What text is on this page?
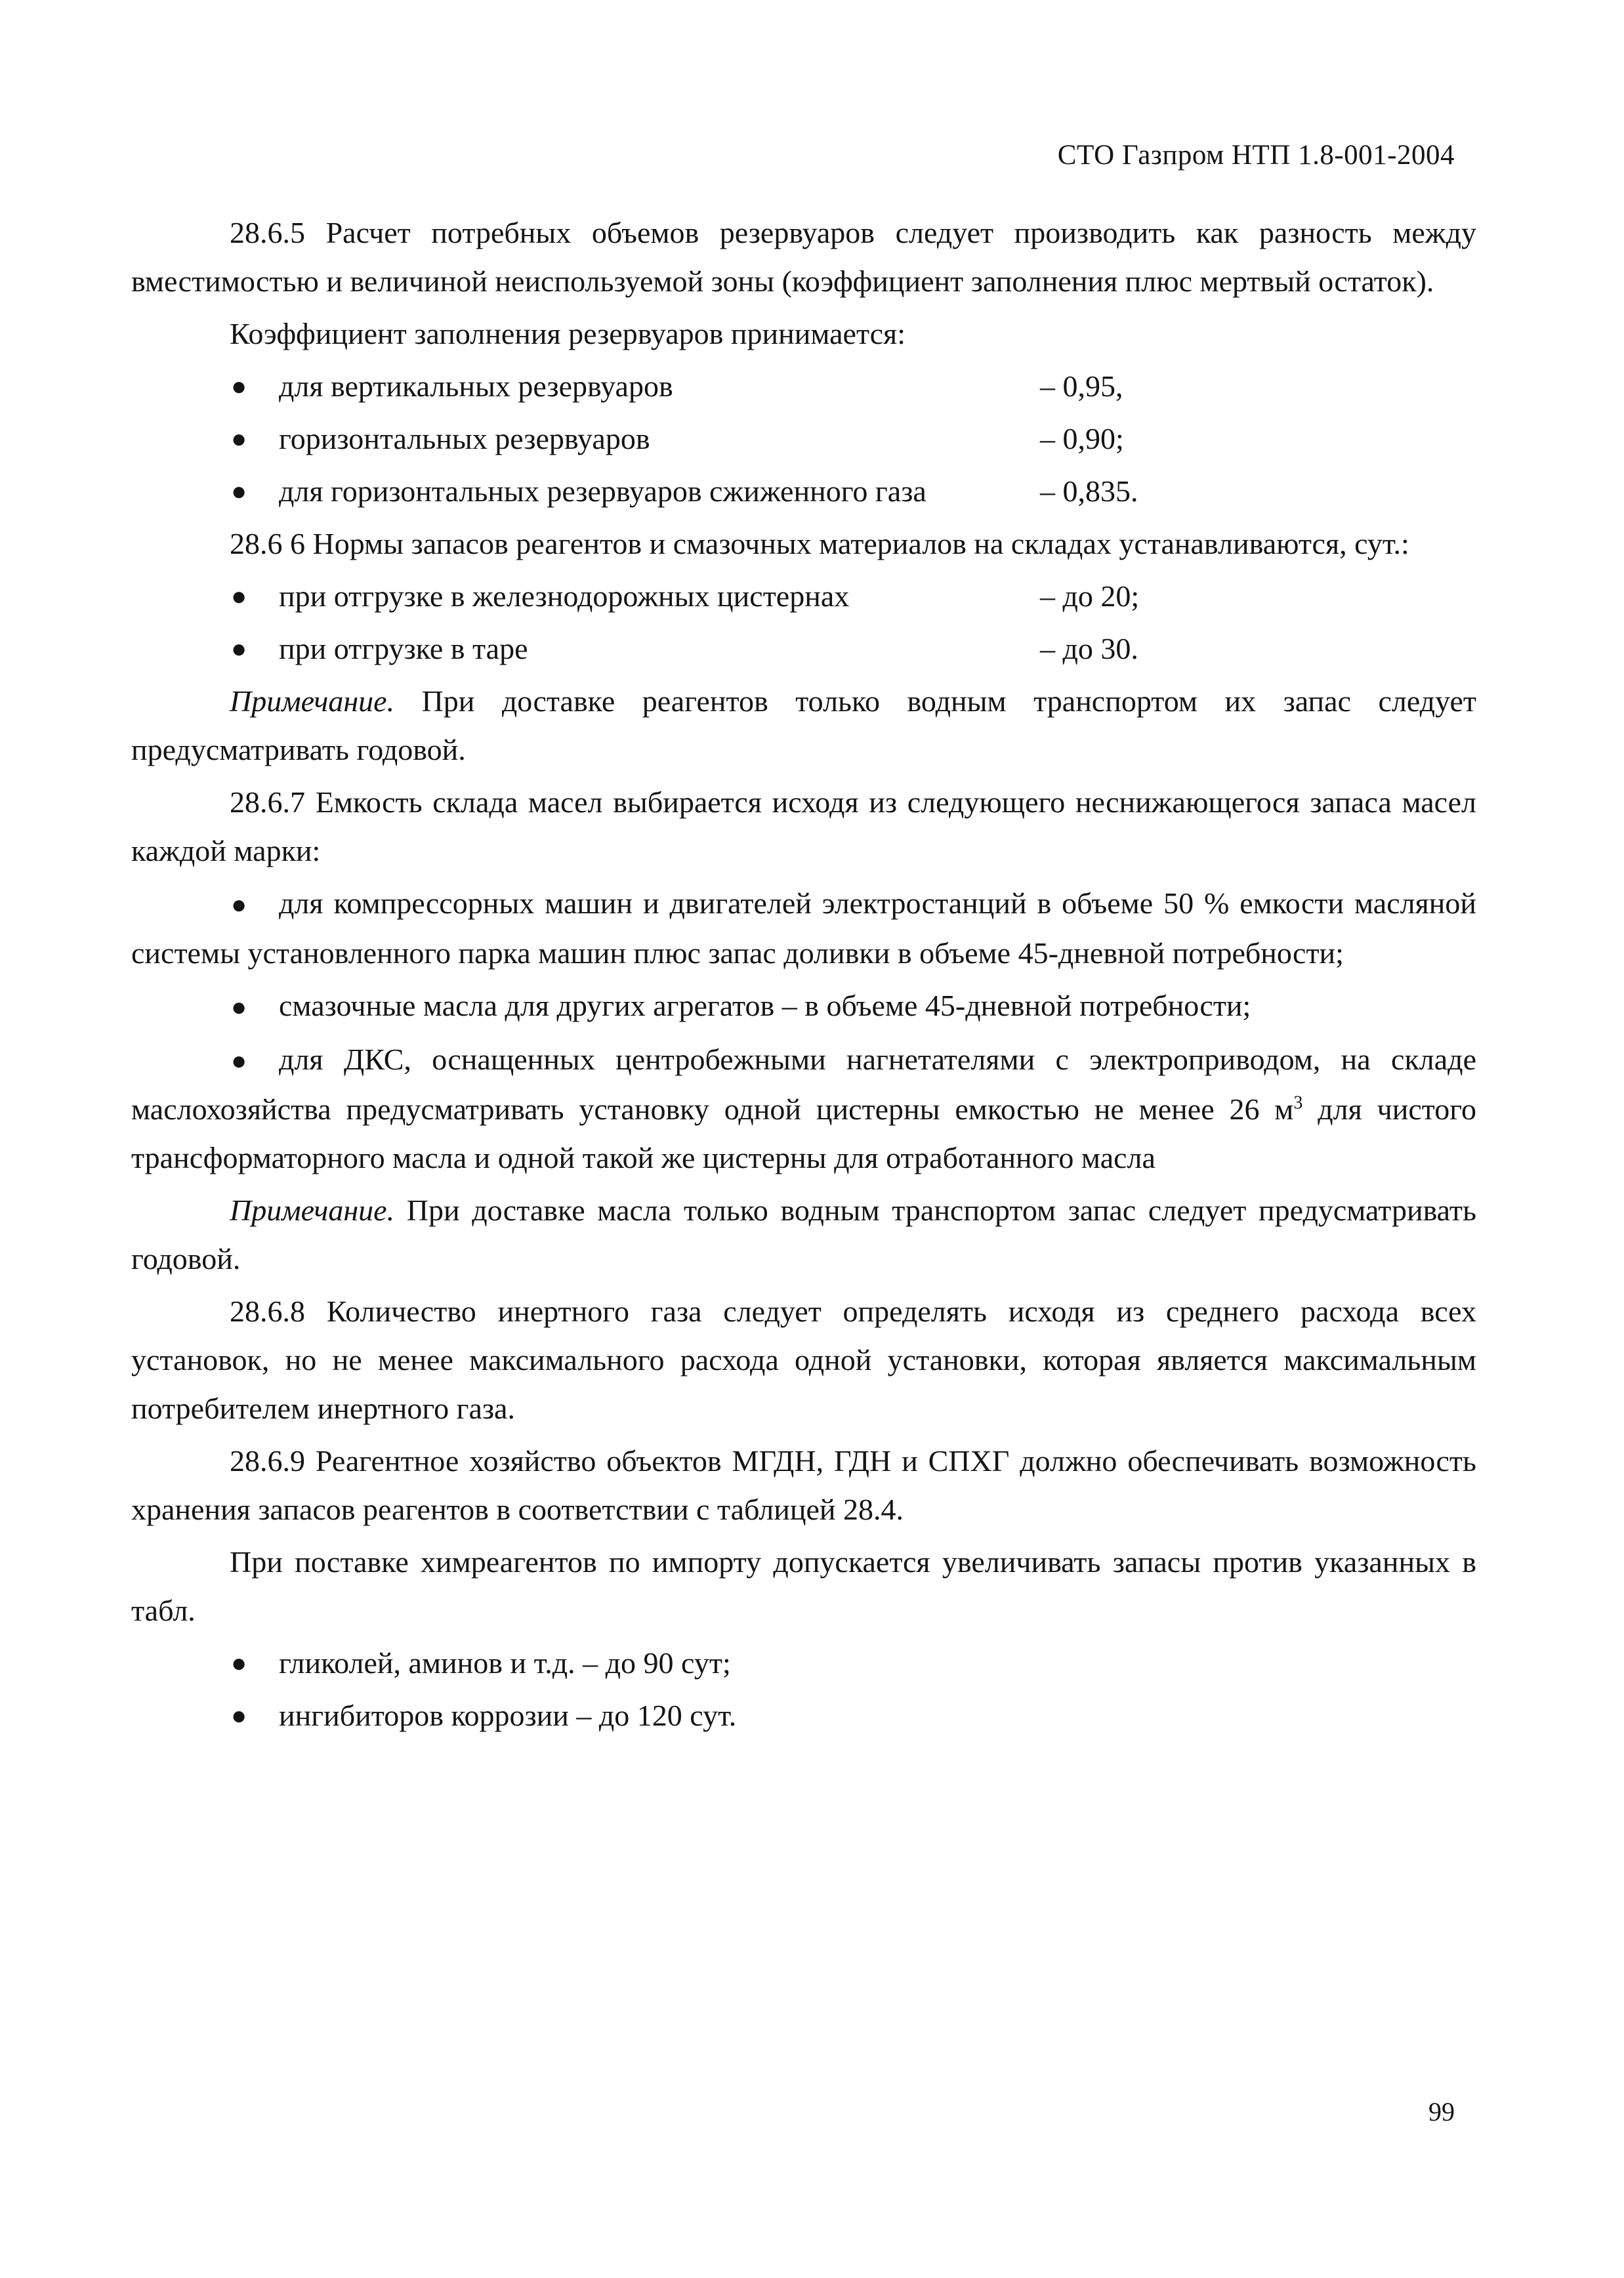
СТО Газпром НТП 1.8-001-2004

28.6.5 Расчет потребных объемов резервуаров следует производить как разность между вместимостью и величиной неиспользуемой зоны (коэффициент заполнения плюс мертвый остаток).

Коэффициент заполнения резервуаров принимается:

● для вертикальных резервуаров	– 0,95,
● горизонтальных резервуаров	– 0,90;
● для горизонтальных резервуаров сжиженного газа	– 0,835.

28.6 6 Нормы запасов реагентов и смазочных материалов на складах устанавливаются, сут.:

● при отгрузке в железнодорожных цистернах	– до 20;
● при отгрузке в таре	– до 30.

Примечание. При доставке реагентов только водным транспортом их запас следует предусматривать годовой.

28.6.7 Емкость склада масел выбирается исходя из следующего неснижающегося запаса масел каждой марки:

● для компрессорных машин и двигателей электростанций в объеме 50 % емкости масляной системы установленного парка машин плюс запас доливки в объеме 45-дневной потребности;

● смазочные масла для других агрегатов – в объеме 45-дневной потребности;

● для ДКС, оснащенных центробежными нагнетателями с электроприводом, на складе маслохозяйства предусматривать установку одной цистерны емкостью не менее 26 $м^3$ для чистого трансформаторного масла и одной такой же цистерны для отработанного масла

Примечание. При доставке масла только водным транспортом запас следует предусматривать годовой.

28.6.8 Количество инертного газа следует определять исходя из среднего расхода всех установок, но не менее максимального расхода одной установки, которая является максимальным потребителем инертного газа.

28.6.9 Реагентное хозяйство объектов МГДН, ГДН и СПХГ должно обеспечивать возможность хранения запасов реагентов в соответствии с таблицей 28.4.

При поставке химреагентов по импорту допускается увеличивать запасы против указанных в табл.

● гликолей, аминов и т.д. – до 90 сут;
● ингибиторов коррозии – до 120 сут.
99
